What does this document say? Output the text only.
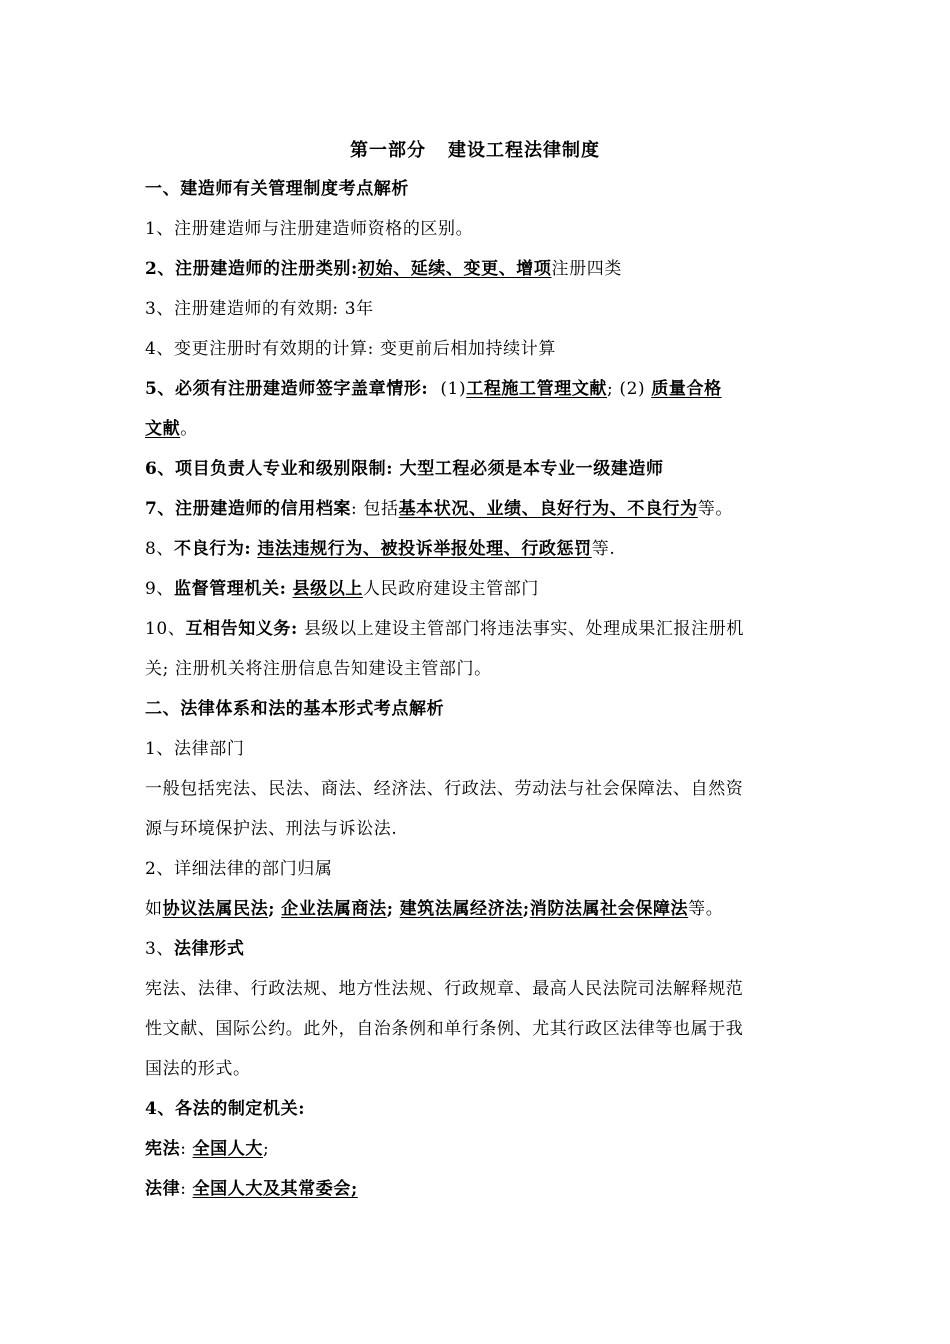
第一部分 建设工程法律制度
一、建造师有关管理制度考点解析
1、注册建造师与注册建造师资格的区别。
2、注册建造师的注册类别:初始、延续、变更、增项注册四类
3、注册建造师的有效期: 3年
4、变更注册时有效期的计算: 变更前后相加持续计算
5、必须有注册建造师签字盖章情形: (1)工程施工管理文献; (2) 质量合格
文献。
6、项目负责人专业和级别限制: 大型工程必须是本专业一级建造师
7、注册建造师的信用档案: 包括基本状况、业绩、良好行为、不良行为等。
8、不良行为: 违法违规行为、被投诉举报处理、行政惩罚等.
9、监督管理机关: 县级以上人民政府建设主管部门
10、互相告知义务: 县级以上建设主管部门将违法事实、处理成果汇报注册机
关; 注册机关将注册信息告知建设主管部门。
二、法律体系和法的基本形式考点解析
1、法律部门
一般包括宪法、民法、商法、经济法、行政法、劳动法与社会保障法、自然资
源与环境保护法、刑法与诉讼法.
2、详细法律的部门归属
如协议法属民法; 企业法属商法; 建筑法属经济法;消防法属社会保障法等。
3、法律形式
宪法、法律、行政法规、地方性法规、行政规章、最高人民法院司法解释规范
性文献、国际公约。此外，自治条例和单行条例、尤其行政区法律等也属于我
国法的形式。
4、各法的制定机关:
宪法: 全国人大;
法律: 全国人大及其常委会;
